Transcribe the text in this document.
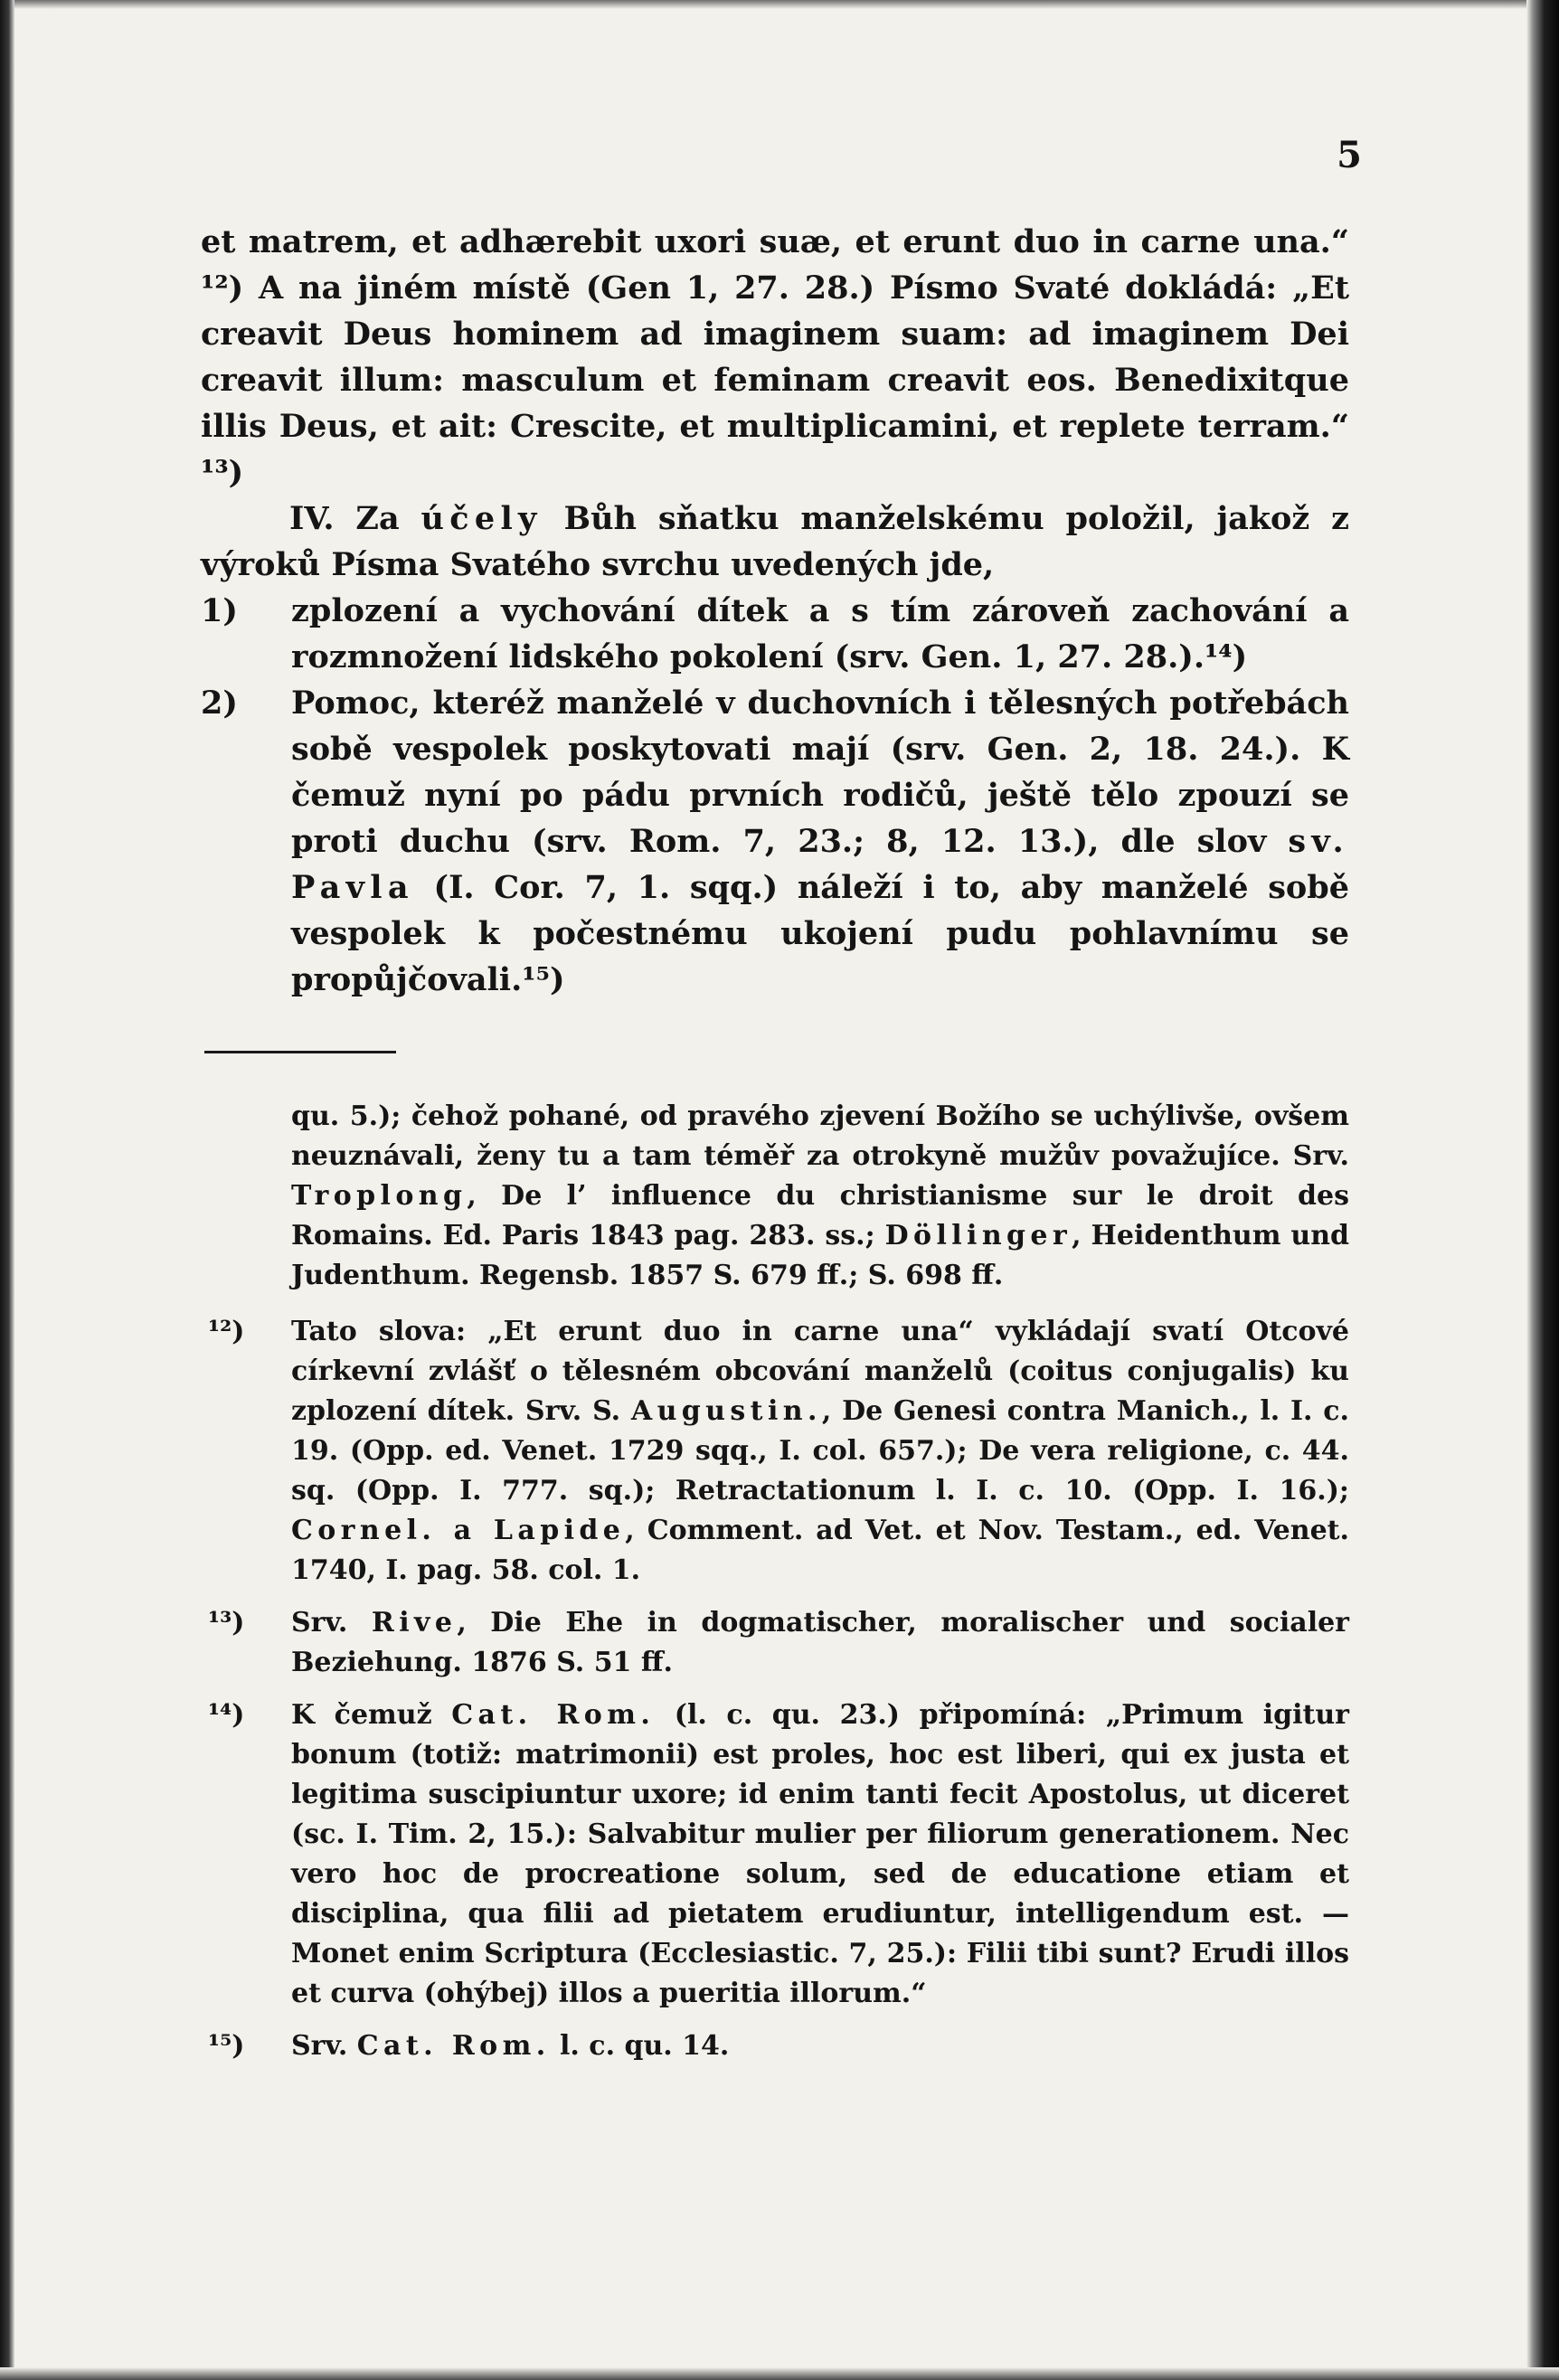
5

et matrem, et adhærebit uxori suæ, et erunt duo in carne una.“ ¹²) A na jiném místě (Gen 1, 27. 28.) Písmo Svaté dokládá: „Et creavit Deus hominem ad imaginem suam: ad imaginem Dei creavit illum: masculum et feminam creavit eos. Benedixitque illis Deus, et ait: Crescite, et multiplicamini, et replete terram.“ ¹³)

IV. Za účely Bůh sňatku manželskému položil, jakož z výroků Písma Svatého svrchu uvedených jde,

1)	zplození a vychování dítek a s tím zároveň zachování a rozmnožení lidského pokolení (srv. Gen. 1, 27. 28.).¹⁴)
2)	Pomoc, kteréž manželé v duchovních i tělesných potřebách sobě vespolek poskytovati mají (srv. Gen. 2, 18. 24.). K čemuž nyní po pádu prvních rodičů, ještě tělo zpouzí se proti duchu (srv. Rom. 7, 23.; 8, 12. 13.), dle slov sv. Pavla (I. Cor. 7, 1. sqq.) náleží i to, aby manželé sobě vespolek k počestnému ukojení pudu pohlavnímu se propůjčovali.¹⁵)

qu. 5.); čehož pohané, od pravého zjevení Božího se uchýlivše, ovšem neuznávali, ženy tu a tam téměř za otrokyně mužův považujíce. Srv. Troplong, De l’ influence du christianisme sur le droit des Romains. Ed. Paris 1843 pag. 283. ss.; Döllinger, Heidenthum und Judenthum. Regensb. 1857 S. 679 ff.; S. 698 ff.

¹²)	Tato slova: „Et erunt duo in carne una“ vykládají svatí Otcové církevní zvlášť o tělesném obcování manželů (coitus conjugalis) ku zplození dítek. Srv. S. Augustin., De Genesi contra Manich., l. I. c. 19. (Opp. ed. Venet. 1729 sqq., I. col. 657.); De vera religione, c. 44. sq. (Opp. I. 777. sq.); Retractationum l. I. c. 10. (Opp. I. 16.); Cornel. a Lapide, Comment. ad Vet. et Nov. Testam., ed. Venet. 1740, I. pag. 58. col. 1.
¹³)	Srv. Rive, Die Ehe in dogmatischer, moralischer und socialer Beziehung. 1876 S. 51 ff.
¹⁴)	K čemuž Cat. Rom. (l. c. qu. 23.) připomíná: „Primum igitur bonum (totiž: matrimonii) est proles, hoc est liberi, qui ex justa et legitima suscipiuntur uxore; id enim tanti fecit Apostolus, ut diceret (sc. I. Tim. 2, 15.): Salvabitur mulier per filiorum generationem. Nec vero hoc de procreatione solum, sed de educatione etiam et disciplina, qua filii ad pietatem erudiuntur, intelligendum est. — Monet enim Scriptura (Ecclesiastic. 7, 25.): Filii tibi sunt? Erudi illos et curva (ohýbej) illos a pueritia illorum.“
¹⁵)	Srv. Cat. Rom. l. c. qu. 14.
